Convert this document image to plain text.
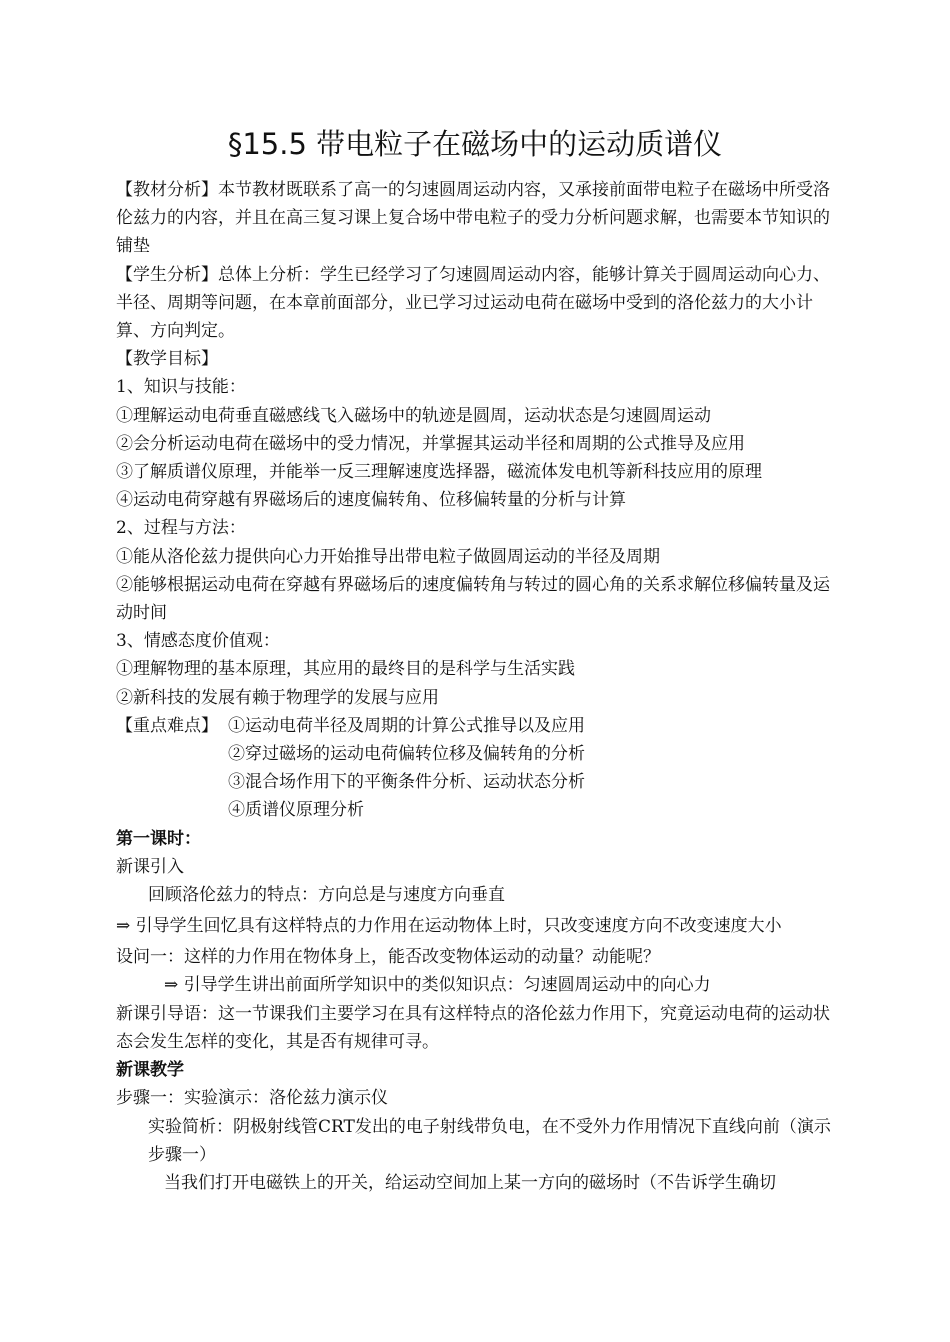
§15.5 带电粒子在磁场中的运动质谱仪

【教材分析】本节教材既联系了高一的匀速圆周运动内容，又承接前面带电粒子在磁场中所受洛伦兹力的内容，并且在高三复习课上复合场中带电粒子的受力分析问题求解，也需要本节知识的铺垫

【学生分析】总体上分析：学生已经学习了匀速圆周运动内容，能够计算关于圆周运动向心力、半径、周期等问题，在本章前面部分，业已学习过运动电荷在磁场中受到的洛伦兹力的大小计算、方向判定。

【教学目标】

1、知识与技能：

①理解运动电荷垂直磁感线飞入磁场中的轨迹是圆周，运动状态是匀速圆周运动

②会分析运动电荷在磁场中的受力情况，并掌握其运动半径和周期的公式推导及应用

③了解质谱仪原理，并能举一反三理解速度选择器，磁流体发电机等新科技应用的原理

④运动电荷穿越有界磁场后的速度偏转角、位移偏转量的分析与计算

2、过程与方法：

①能从洛伦兹力提供向心力开始推导出带电粒子做圆周运动的半径及周期

②能够根据运动电荷在穿越有界磁场后的速度偏转角与转过的圆心角的关系求解位移偏转量及运动时间

3、情感态度价值观：

①理解物理的基本原理，其应用的最终目的是科学与生活实践

②新科技的发展有赖于物理学的发展与应用

【重点难点】 ①运动电荷半径及周期的计算公式推导以及应用

②穿过磁场的运动电荷偏转位移及偏转角的分析

③混合场作用下的平衡条件分析、运动状态分析

④质谱仪原理分析

第一课时：

新课引入

回顾洛伦兹力的特点：方向总是与速度方向垂直

⇒ 引导学生回忆具有这样特点的力作用在运动物体上时，只改变速度方向不改变速度大小

设问一：这样的力作用在物体身上，能否改变物体运动的动量？动能呢？

⇒ 引导学生讲出前面所学知识中的类似知识点：匀速圆周运动中的向心力

新课引导语：这一节课我们主要学习在具有这样特点的洛伦兹力作用下，究竟运动电荷的运动状态会发生怎样的变化，其是否有规律可寻。

新课教学

步骤一：实验演示：洛伦兹力演示仪

实验简析：阴极射线管CRT发出的电子射线带负电，在不受外力作用情况下直线向前（演示步骤一）

当我们打开电磁铁上的开关，给运动空间加上某一方向的磁场时（不告诉学生确切
